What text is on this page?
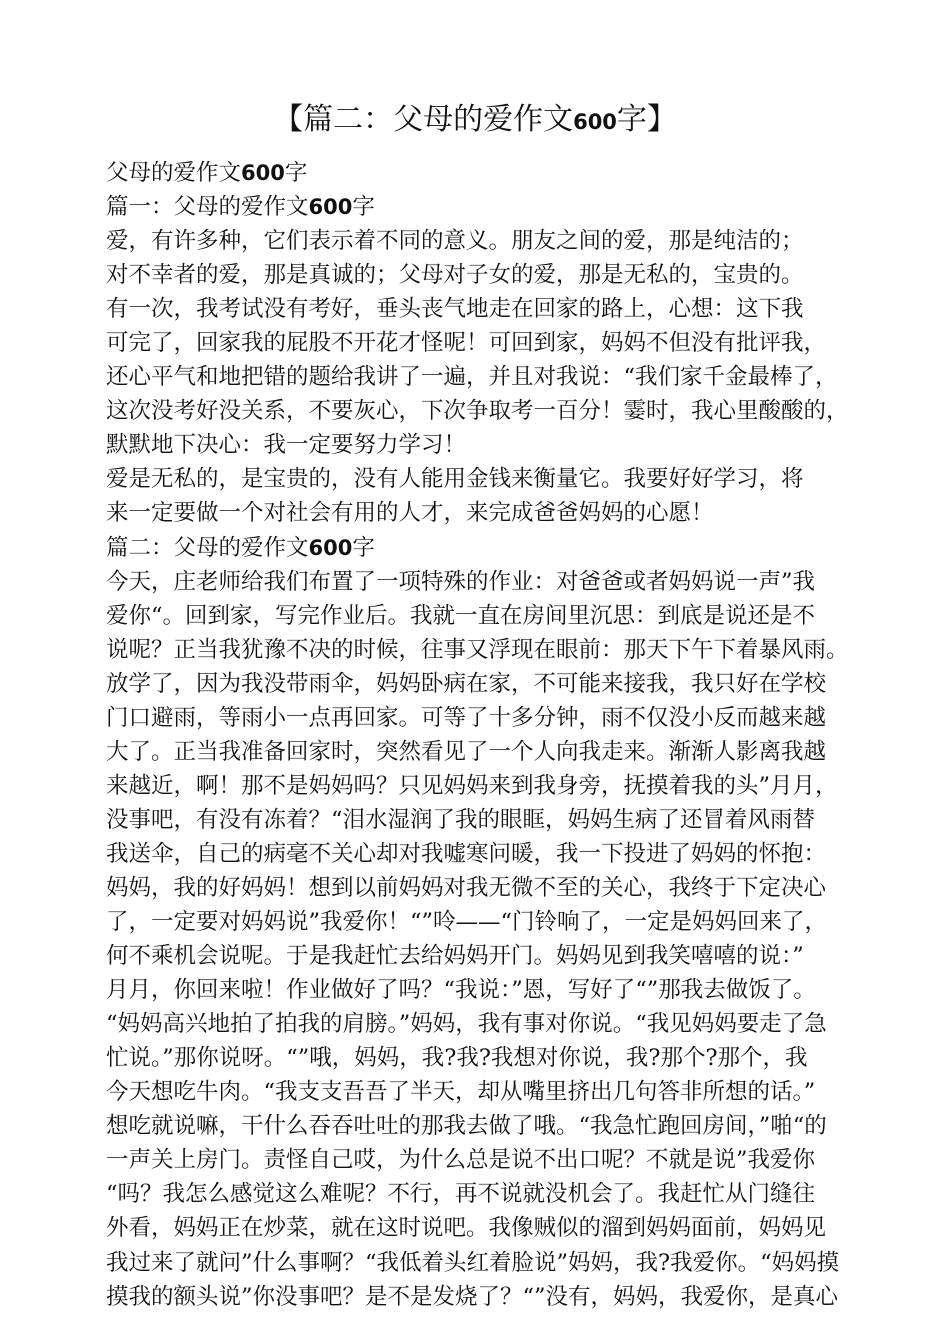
【篇二：父母的爱作文600字】
父母的爱作文600字
篇一：父母的爱作文600字
爱，有许多种，它们表示着不同的意义。朋友之间的爱，那是纯洁的；
对不幸者的爱，那是真诚的；父母对子女的爱，那是无私的，宝贵的。
有一次，我考试没有考好，垂头丧气地走在回家的路上，心想：这下我
可完了，回家我的屁股不开花才怪呢！可回到家，妈妈不但没有批评我，
还心平气和地把错的题给我讲了一遍，并且对我说：“我们家千金最棒了，
这次没考好没关系，不要灰心，下次争取考一百分！霎时，我心里酸酸的，
默默地下决心：我一定要努力学习！
爱是无私的，是宝贵的，没有人能用金钱来衡量它。我要好好学习，将
来一定要做一个对社会有用的人才，来完成爸爸妈妈的心愿！
篇二：父母的爱作文600字
今天，庄老师给我们布置了一项特殊的作业：对爸爸或者妈妈说一声”我
爱你“。回到家，写完作业后。我就一直在房间里沉思：到底是说还是不
说呢？正当我犹豫不决的时候，往事又浮现在眼前：那天下午下着暴风雨。
放学了，因为我没带雨伞，妈妈卧病在家，不可能来接我，我只好在学校
门口避雨，等雨小一点再回家。可等了十多分钟，雨不仅没小反而越来越
大了。正当我准备回家时，突然看见了一个人向我走来。渐渐人影离我越
来越近，啊！那不是妈妈吗？只见妈妈来到我身旁，抚摸着我的头”月月，
没事吧，有没有冻着？“泪水湿润了我的眼眶，妈妈生病了还冒着风雨替
我送伞，自己的病毫不关心却对我嘘寒问暖，我一下投进了妈妈的怀抱：
妈妈，我的好妈妈！想到以前妈妈对我无微不至的关心，我终于下定决心
了，一定要对妈妈说”我爱你！“”呤——“门铃响了，一定是妈妈回来了，
何不乘机会说呢。于是我赶忙去给妈妈开门。妈妈见到我笑嘻嘻的说：”
月月，你回来啦！作业做好了吗？“我说：”恩，写好了“”那我去做饭了。
“妈妈高兴地拍了拍我的肩膀。”妈妈，我有事对你说。“我见妈妈要走了急
忙说。”那你说呀。“”哦，妈妈，我?我?我想对你说，我?那个?那个，我
今天想吃牛肉。“我支支吾吾了半天，却从嘴里挤出几句答非所想的话。”
想吃就说嘛，干什么吞吞吐吐的那我去做了哦。“我急忙跑回房间，”啪“的
一声关上房门。责怪自己哎，为什么总是说不出口呢？不就是说”我爱你
“吗？我怎么感觉这么难呢？不行，再不说就没机会了。我赶忙从门缝往
外看，妈妈正在炒菜，就在这时说吧。我像贼似的溜到妈妈面前，妈妈见
我过来了就问”什么事啊？“我低着头红着脸说”妈妈，我?我爱你。“妈妈摸
摸我的额头说”你没事吧？是不是发烧了？“”没有，妈妈，我爱你，是真心
